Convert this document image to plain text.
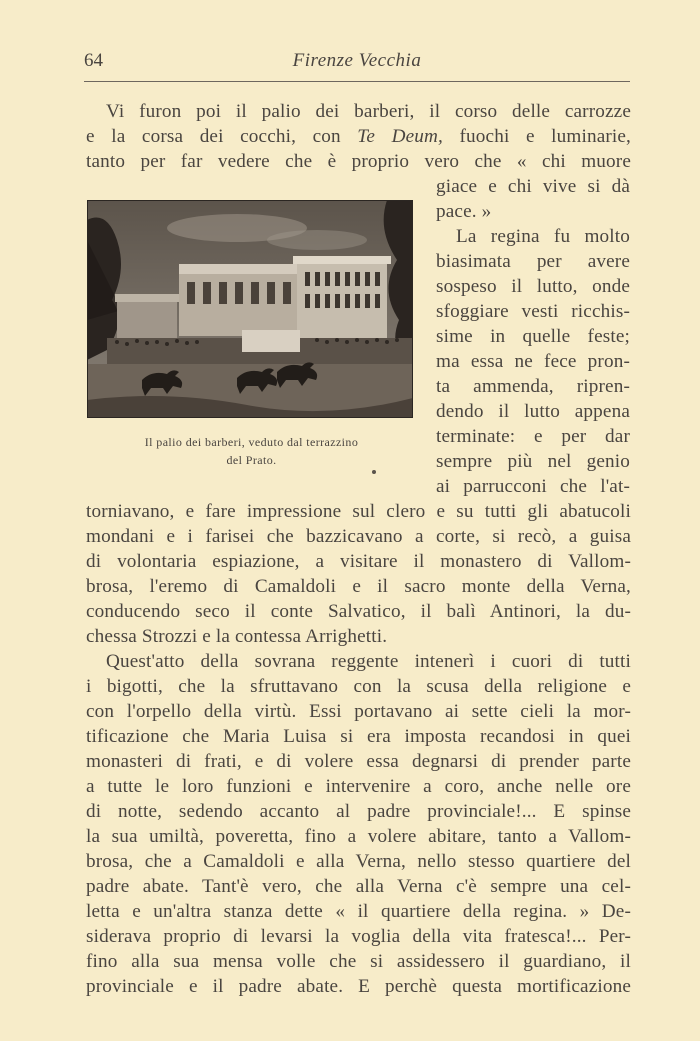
64	Firenze Vecchia
Vi furon poi il palio dei barberi, il corso delle carrozze
e la corsa dei cocchi, con Te Deum, fuochi e luminarie,
tanto per far vedere che è proprio vero che « chi muore
giace e chi vive si dà
pace. »
La regina fu molto
biasimata per avere
sospeso il lutto, onde
sfoggiare vesti ricchis-
sime in quelle feste;
ma essa ne fece pron-
ta ammenda, ripren-
dendo il lutto appena
terminate: e per dar
sempre più nel genio
ai parrucconi che l'at-
torniavano, e fare impressione sul clero e su tutti gli abatucoli
mondani e i farisei che bazzicavano a corte, si recò, a guisa
di volontaria espiazione, a visitare il monastero di Vallom-
brosa, l'eremo di Camaldoli e il sacro monte della Verna,
conducendo seco il conte Salvatico, il balì Antinori, la du-
chessa Strozzi e la contessa Arrighetti.
Quest'atto della sovrana reggente intenerì i cuori di tutti
i bigotti, che la sfruttavano con la scusa della religione e
con l'orpello della virtù. Essi portavano ai sette cieli la mor-
tificazione che Maria Luisa si era imposta recandosi in quei
monasteri di frati, e di volere essa degnarsi di prender parte
a tutte le loro funzioni e intervenire a coro, anche nelle ore
di notte, sedendo accanto al padre provinciale!... E spinse
la sua umiltà, poveretta, fino a volere abitare, tanto a Vallom-
brosa, che a Camaldoli e alla Verna, nello stesso quartiere del
padre abate. Tant'è vero, che alla Verna c'è sempre una cel-
letta e un'altra stanza dette « il quartiere della regina. » De-
siderava proprio di levarsi la voglia della vita fratesca!... Per-
fino alla sua mensa volle che si assidessero il guardiano, il
provinciale e il padre abate. E perchè questa mortificazione
Il palio dei barberi, veduto dal terrazzino
del Prato.
